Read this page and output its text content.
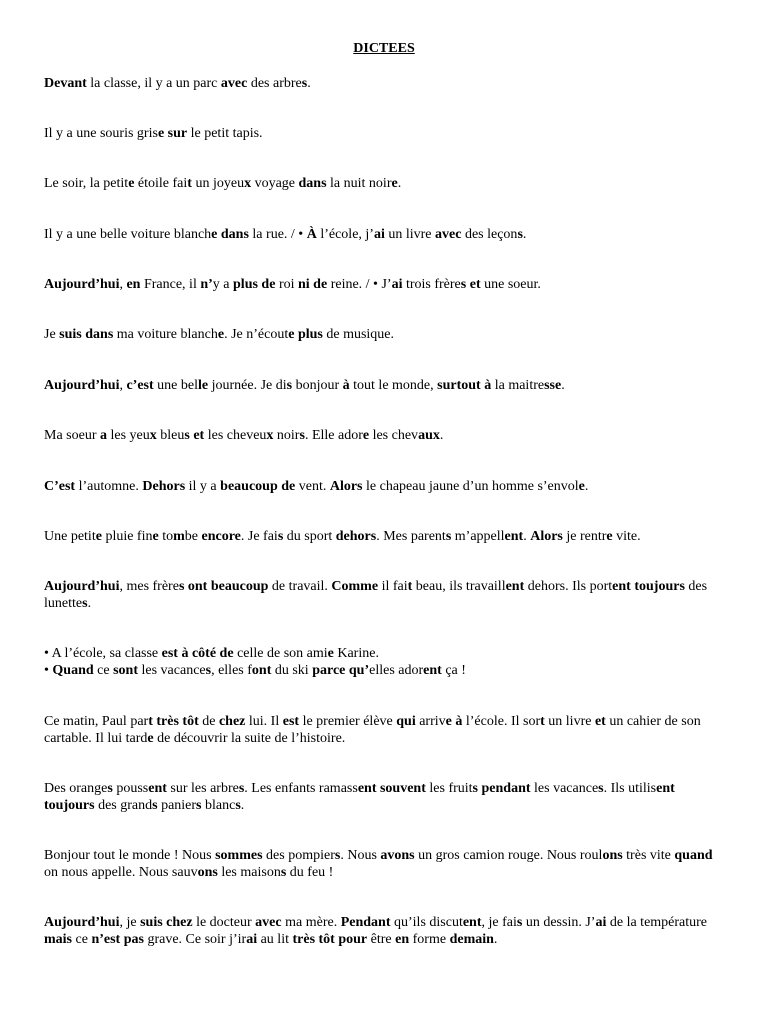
DICTEES

Devant la classe, il y a un parc avec des arbres.

Il y a une souris grise sur le petit tapis.

Le soir, la petite étoile fait un joyeux voyage dans la nuit noire.

Il y a une belle voiture blanche dans la rue. / • À l’école, j’ai un livre avec des leçons.

Aujourd’hui, en France, il n’y a plus de roi ni de reine. / • J’ai trois frères et une soeur.

Je suis dans ma voiture blanche. Je n’écoute plus de musique.

Aujourd’hui, c’est une belle journée. Je dis bonjour à tout le monde, surtout à la maitresse.

Ma soeur a les yeux bleus et les cheveux noirs. Elle adore les chevaux.

C’est l’automne. Dehors il y a beaucoup de vent. Alors le chapeau jaune d’un homme s’envole.

Une petite pluie fine tombe encore. Je fais du sport dehors. Mes parents m’appellent. Alors je rentre vite.

Aujourd’hui, mes frères ont beaucoup de travail. Comme il fait beau, ils travaillent dehors. Ils portent toujours des lunettes.

• A l’école, sa classe est à côté de celle de son amie Karine.
• Quand ce sont les vacances, elles font du ski parce qu’elles adorent ça !

Ce matin, Paul part très tôt de chez lui. Il est le premier élève qui arrive à l’école. Il sort un livre et un cahier de son cartable. Il lui tarde de découvrir la suite de l’histoire.

Des oranges poussent sur les arbres. Les enfants ramassent souvent les fruits pendant les vacances. Ils utilisent toujours des grands paniers blancs.

Bonjour tout le monde ! Nous sommes des pompiers. Nous avons un gros camion rouge. Nous roulons très vite quand on nous appelle. Nous sauvons les maisons du feu !

Aujourd’hui, je suis chez le docteur avec ma mère. Pendant qu’ils discutent, je fais un dessin. J’ai de la température mais ce n’est pas grave. Ce soir j’irai au lit très tôt pour être en forme demain.
